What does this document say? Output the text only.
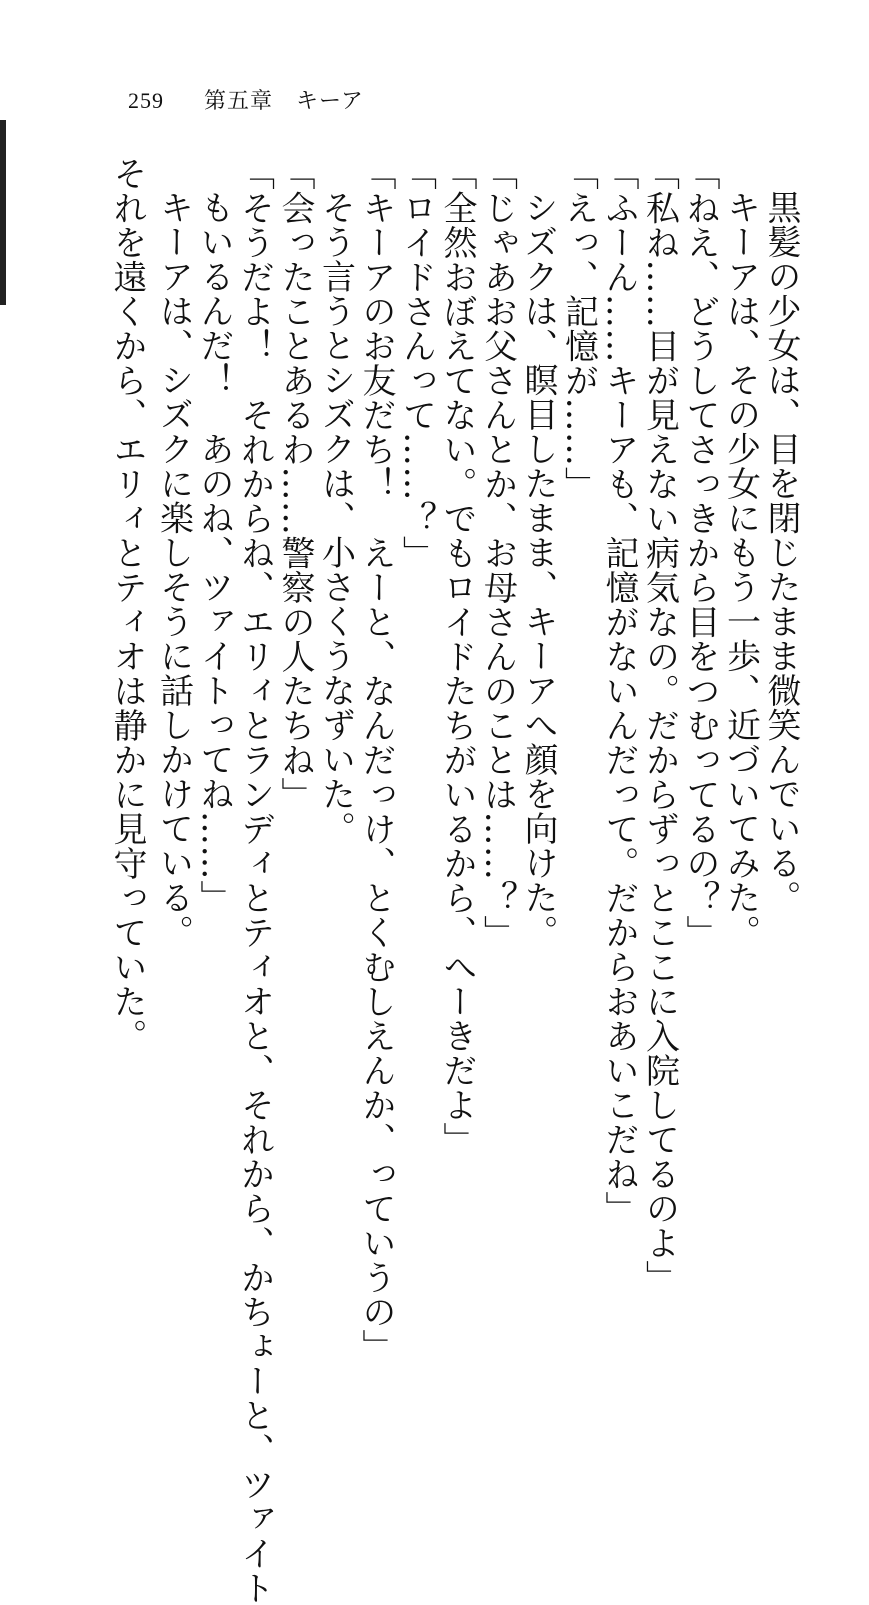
259 第五章　キーア
黒髪の少女は、目を閉じたまま微笑んでいる。
キーアは、その少女にもう一歩、近づいてみた。
「ねえ、どうしてさっきから目をつむってるの？」
「私ね……目が見えない病気なの。だからずっとここに入院してるのよ」
「ふーん……キーアも、記憶がないんだって。だからおあいこだね」
「えっ、記憶が……」
シズクは、瞑目したまま、キーアへ顔を向けた。
「じゃあお父さんとか、お母さんのことは……？」
「全然おぼえてない。でもロイドたちがいるから、へーきだよ」
「ロイドさんって……？」
「キーアのお友だち！　えーと、なんだっけ、とくむしえんか、っていうの」
そう言うとシズクは、小さくうなずいた。
「会ったことあるわ……警察の人たちね」
「そうだよ！　それからね、エリィとランディとティオと、それから、かちょーと、ツァイト
もいるんだ！　あのね、ツァイトってね……」
キーアは、シズクに楽しそうに話しかけている。
それを遠くから、エリィとティオは静かに見守っていた。
